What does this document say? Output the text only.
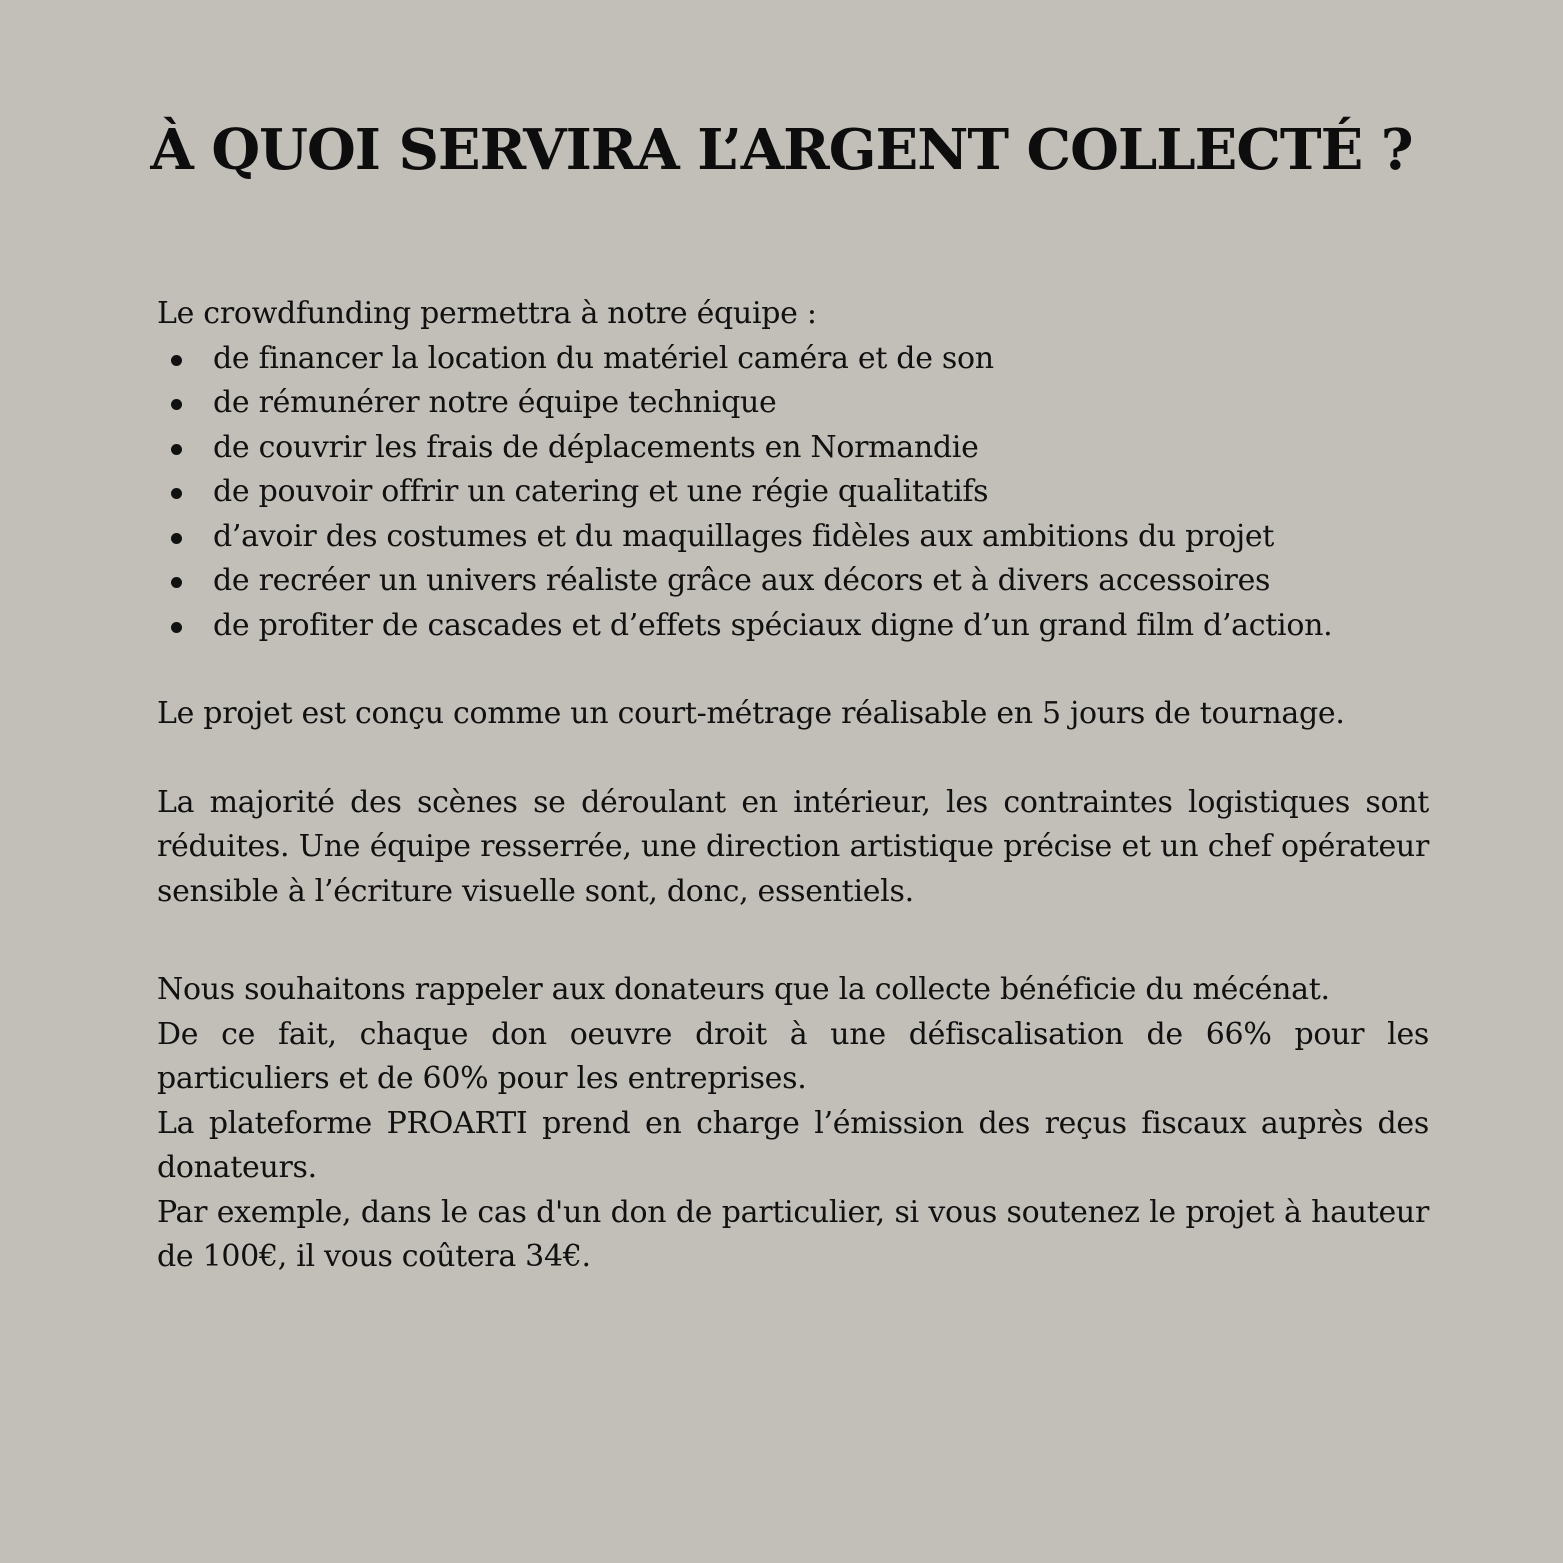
À QUOI SERVIRA L’ARGENT COLLECTÉ ?

Le crowdfunding permettra à notre équipe :

de financer la location du matériel caméra et de son
de rémunérer notre équipe technique
de couvrir les frais de déplacements en Normandie
de pouvoir offrir un catering et une régie qualitatifs
d’avoir des costumes et du maquillages fidèles aux ambitions du projet
de recréer un univers réaliste grâce aux décors et à divers accessoires
de profiter de cascades et d’effets spéciaux digne d’un grand film d’action.

Le projet est conçu comme un court-métrage réalisable en 5 jours de tournage.

La majorité des scènes se déroulant en intérieur, les contraintes logistiques sont réduites. Une équipe resserrée, une direction artistique précise et un chef opérateur sensible à l’écriture visuelle sont, donc, essentiels.

Nous souhaitons rappeler aux donateurs que la collecte bénéficie du mécénat.

De ce fait, chaque don oeuvre droit à une défiscalisation de 66% pour les particuliers et de 60% pour les entreprises.

La plateforme PROARTI prend en charge l’émission des reçus fiscaux auprès des donateurs.

Par exemple, dans le cas d'un don de particulier, si vous soutenez le projet à hauteur de 100€, il vous coûtera 34€.
